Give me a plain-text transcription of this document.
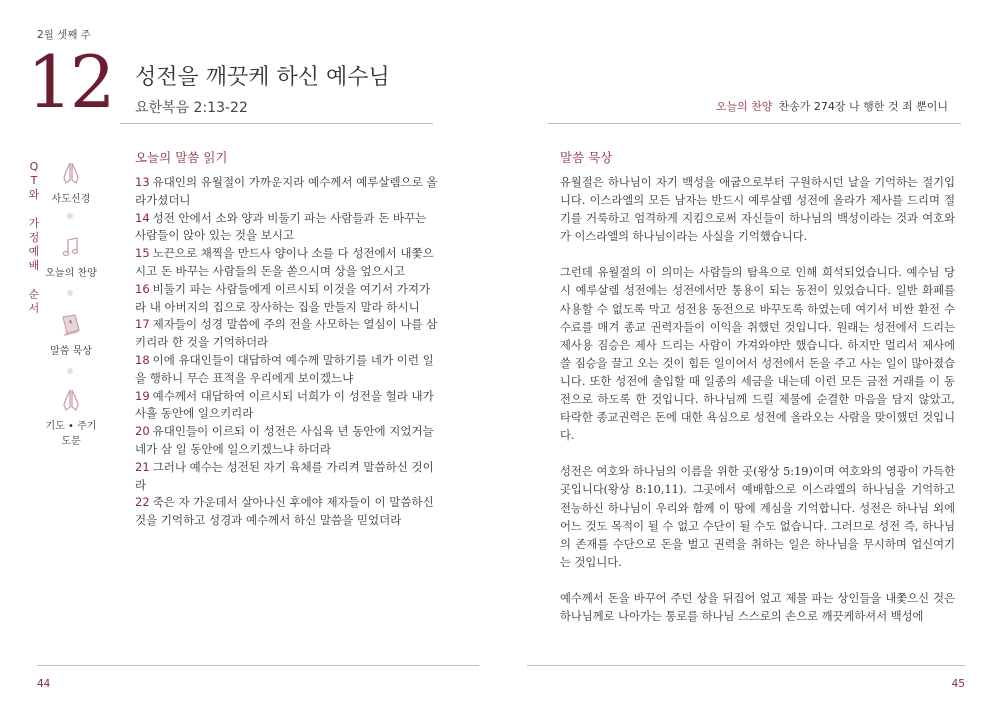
2월 셋째 주
12 성전을 깨끗케 하신 예수님
요한복음 2:13-22	오늘의 찬양 찬송가 274장 나 행한 것 죄 뿐이니
Q
T
와

가
정
예
배

순
서
사도신경
오늘의 찬양
말씀 묵상
기도 • 주기도문
오늘의 말씀 읽기

13 유대인의 유월절이 가까운지라 예수께서 예루살렘으로 올라가셨더니

14 성전 안에서 소와 양과 비둘기 파는 사람들과 돈 바꾸는 사람들이 앉아 있는 것을 보시고

15 노끈으로 채찍을 만드사 양이나 소를 다 성전에서 내쫓으시고 돈 바꾸는 사람들의 돈을 쏟으시며 상을 엎으시고

16 비둘기 파는 사람들에게 이르시되 이것을 여기서 가져가라 내 아버지의 집으로 장사하는 집을 만들지 말라 하시니

17 제자들이 성경 말씀에 주의 전을 사모하는 열심이 나를 삼키리라 한 것을 기억하더라

18 이에 유대인들이 대답하여 예수께 말하기를 네가 이런 일을 행하니 무슨 표적을 우리에게 보이겠느냐

19 예수께서 대답하여 이르시되 너희가 이 성전을 헐라 내가 사흘 동안에 일으키리라

20 유대인들이 이르되 이 성전은 사십육 년 동안에 지었거늘 네가 삼 일 동안에 일으키겠느냐 하더라

21 그러나 예수는 성전된 자기 육체를 가리켜 말씀하신 것이라

22 죽은 자 가운데서 살아나신 후에야 제자들이 이 말씀하신 것을 기억하고 성경과 예수께서 하신 말씀을 믿었더라

말씀 묵상

유월절은 하나님이 자기 백성을 애굽으로부터 구원하시던 날을 기억하는 절기입니다. 이스라엘의 모든 남자는 반드시 예루살렘 성전에 올라가 제사를 드리며 절기를 거룩하고 엄격하게 지킴으로써 자신들이 하나님의 백성이라는 것과 여호와가 이스라엘의 하나님이라는 사실을 기억했습니다.

그런데 유월절의 이 의미는 사람들의 탐욕으로 인해 희석되었습니다. 예수님 당시 예루살렘 성전에는 성전에서만 통용이 되는 동전이 있었습니다. 일반 화폐를 사용할 수 없도록 막고 성전용 동전으로 바꾸도록 하였는데 여기서 비싼 환전 수수료를 매겨 종교 권력자들이 이익을 취했던 것입니다. 원래는 성전에서 드리는 제사용 짐승은 제사 드리는 사람이 가져와야만 했습니다. 하지만 멀리서 제사에 쓸 짐승을 끌고 오는 것이 힘든 일이어서 성전에서 돈을 주고 사는 일이 많아졌습니다. 또한 성전에 출입할 때 일종의 세금을 내는데 이런 모든 금전 거래를 이 동전으로 하도록 한 것입니다. 하나님께 드릴 제물에 순결한 마음을 담지 않았고, 타락한 종교권력은 돈에 대한 욕심으로 성전에 올라오는 사람을 맞이했던 것입니다.

성전은 여호와 하나님의 이름을 위한 곳(왕상 5:19)이며 여호와의 영광이 가득한 곳입니다(왕상 8:10,11). 그곳에서 예배함으로 이스라엘의 하나님을 기억하고 전능하신 하나님이 우리와 함께 이 땅에 계심을 기억합니다. 성전은 하나님 외에 어느 것도 목적이 될 수 없고 수단이 될 수도 없습니다. 그러므로 성전 즉, 하나님의 존재를 수단으로 돈을 벌고 권력을 취하는 일은 하나님을 무시하며 업신여기는 것입니다.

예수께서 돈을 바꾸어 주던 상을 뒤집어 엎고 제물 파는 상인들을 내쫓으신 것은 하나님께로 나아가는 통로를 하나님 스스로의 손으로 깨끗케하셔서 백성에

44	45
